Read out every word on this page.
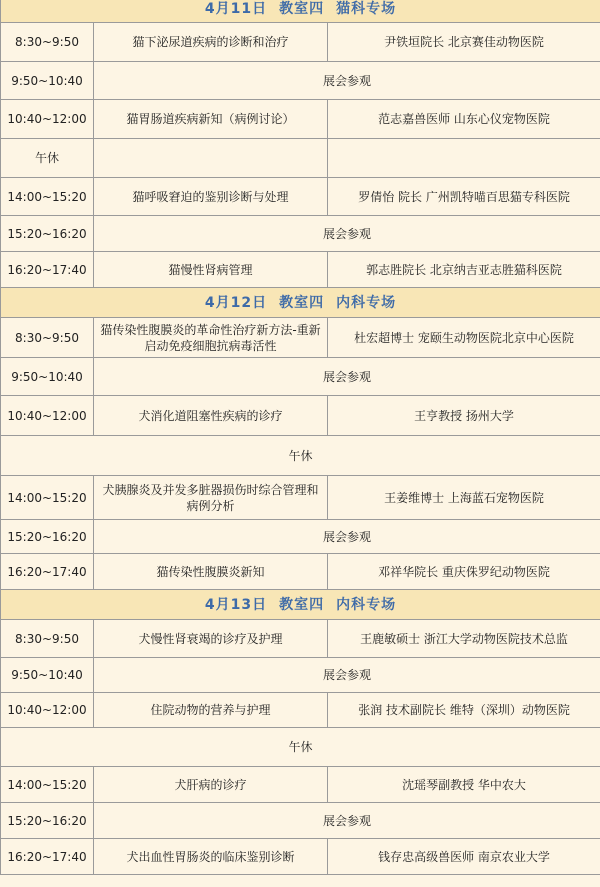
4月11日 教室四 猫科专场		
8:30~9:50	猫下泌尿道疾病的诊断和治疗	尹铁垣院长 北京赛佳动物医院
9:50~10:40	展会参观	
10:40~12:00	猫胃肠道疾病新知（病例讨论）	范志嘉兽医师 山东心仪宠物医院
午休		
14:00~15:20	猫呼吸窘迫的鉴别诊断与处理	罗倩怡 院长 广州凯特喵百思猫专科医院
15:20~16:20	展会参观	
16:20~17:40	猫慢性肾病管理	郭志胜院长 北京纳吉亚志胜猫科医院
4月12日 教室四 内科专场		
8:30~9:50	猫传染性腹膜炎的革命性治疗新方法-重新启动免疫细胞抗病毒活性	杜宏超博士 宠颐生动物医院北京中心医院
9:50~10:40	展会参观	
10:40~12:00	犬消化道阻塞性疾病的诊疗	王亨教授 扬州大学
午休		
14:00~15:20	犬胰腺炎及并发多脏器损伤时综合管理和病例分析	王姜维博士 上海蓝石宠物医院
15:20~16:20	展会参观	
16:20~17:40	猫传染性腹膜炎新知	邓祥华院长 重庆侏罗纪动物医院
4月13日 教室四 内科专场		
8:30~9:50	犬慢性肾衰竭的诊疗及护理	王鹿敏硕士 浙江大学动物医院技术总监
9:50~10:40	展会参观	
10:40~12:00	住院动物的营养与护理	张润 技术副院长 维特（深圳）动物医院
午休		
14:00~15:20	犬肝病的诊疗	沈瑶琴副教授 华中农大
15:20~16:20	展会参观	
16:20~17:40	犬出血性胃肠炎的临床鉴别诊断	钱存忠高级兽医师 南京农业大学
